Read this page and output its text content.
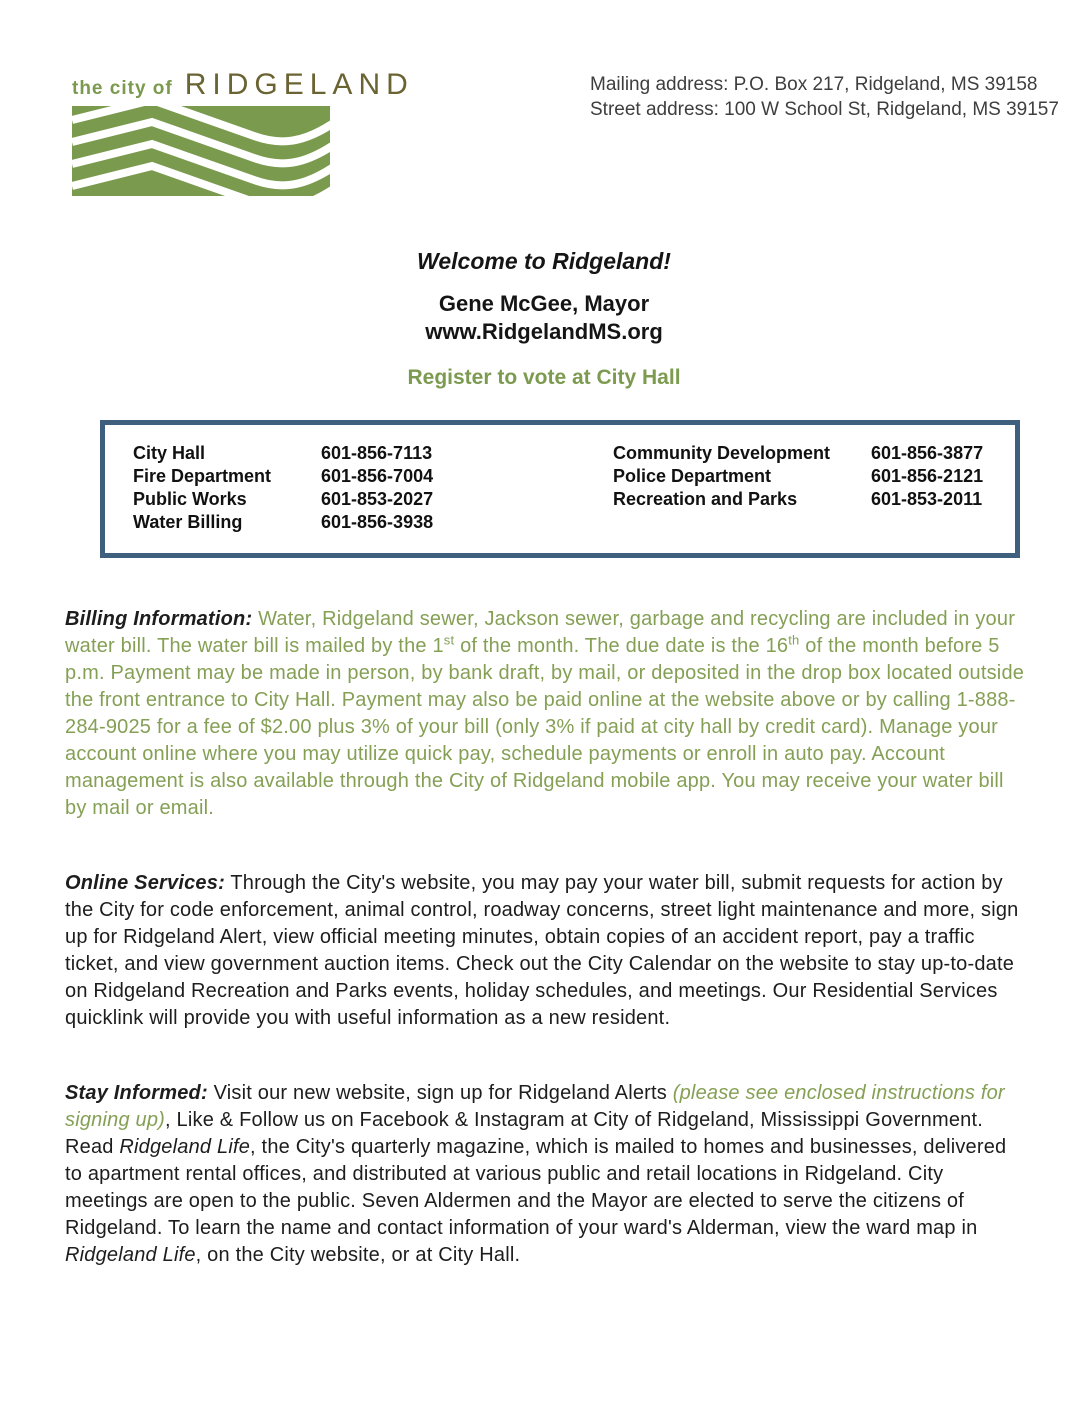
the city of RIDGELAND	Mailing address: P.O. Box 217, Ridgeland, MS 39158
Street address: 100 W School St, Ridgeland, MS 39157
Welcome to Ridgeland!
Gene McGee, Mayor
www.RidgelandMS.org
Register to vote at City Hall
City Hall	601-856-7113
Fire Department	601-856-7004
Public Works	601-853-2027
Water Billing	601-856-3938
Community Development	601-856-3877
Police Department	601-856-2121
Recreation and Parks	601-853-2011

Billing Information: Water, Ridgeland sewer, Jackson sewer, garbage and recycling are included in your water bill. The water bill is mailed by the 1st of the month. The due date is the 16th of the month before 5 p.m. Payment may be made in person, by bank draft, by mail, or deposited in the drop box located outside the front entrance to City Hall. Payment may also be paid online at the website above or by calling 1-888-284-9025 for a fee of $2.00 plus 3% of your bill (only 3% if paid at city hall by credit card). Manage your account online where you may utilize quick pay, schedule payments or enroll in auto pay. Account management is also available through the City of Ridgeland mobile app. You may receive your water bill by mail or email.

Online Services: Through the City's website, you may pay your water bill, submit requests for action by the City for code enforcement, animal control, roadway concerns, street light maintenance and more, sign up for Ridgeland Alert, view official meeting minutes, obtain copies of an accident report, pay a traffic ticket, and view government auction items. Check out the City Calendar on the website to stay up-to-date on Ridgeland Recreation and Parks events, holiday schedules, and meetings. Our Residential Services quicklink will provide you with useful information as a new resident.

Stay Informed: Visit our new website, sign up for Ridgeland Alerts (please see enclosed instructions for signing up), Like & Follow us on Facebook & Instagram at City of Ridgeland, Mississippi Government. Read Ridgeland Life, the City's quarterly magazine, which is mailed to homes and businesses, delivered to apartment rental offices, and distributed at various public and retail locations in Ridgeland. City meetings are open to the public. Seven Aldermen and the Mayor are elected to serve the citizens of Ridgeland. To learn the name and contact information of your ward's Alderman, view the ward map in Ridgeland Life, on the City website, or at City Hall.
